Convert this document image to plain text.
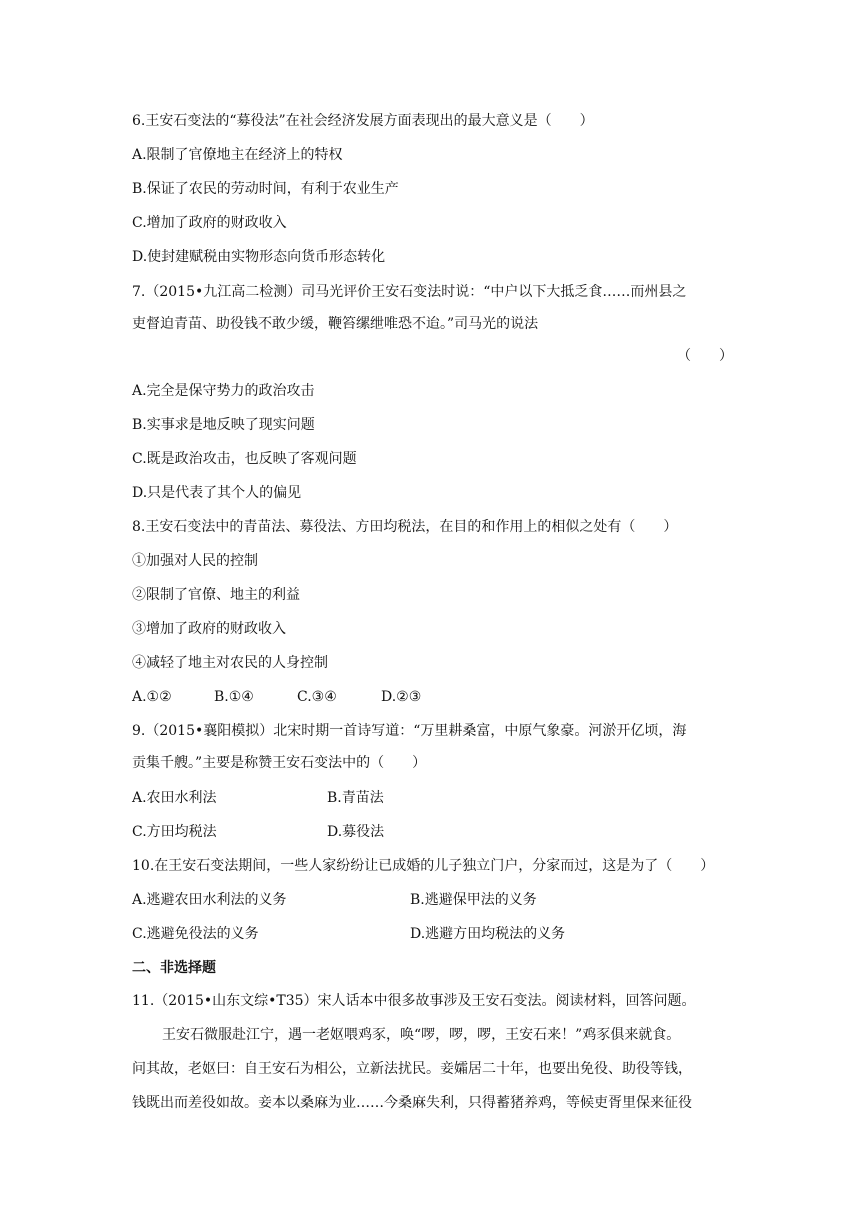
6.王安石变法的“募役法”在社会经济发展方面表现出的最大意义是（　　）
A.限制了官僚地主在经济上的特权
B.保证了农民的劳动时间，有利于农业生产
C.增加了政府的财政收入
D.使封建赋税由实物形态向货币形态转化
7.（2015•九江高二检测）司马光评价王安石变法时说：“中户以下大抵乏食……而州县之
吏督迫青苗、助役钱不敢少缓，鞭笞缧绁唯恐不迨。”司马光的说法
（　　）
A.完全是保守势力的政治攻击
B.实事求是地反映了现实问题
C.既是政治攻击，也反映了客观问题
D.只是代表了其个人的偏见
8.王安石变法中的青苗法、募役法、方田均税法，在目的和作用上的相似之处有（　　）
①加强对人民的控制
②限制了官僚、地主的利益
③增加了政府的财政收入
④减轻了地主对农民的人身控制
A.①②	B.①④	C.③④	D.②③
9.（2015•襄阳模拟）北宋时期一首诗写道：“万里耕桑富，中原气象豪。河淤开亿顷，海
贡集千艘。”主要是称赞王安石变法中的（　　）
A.农田水利法	B.青苗法
C.方田均税法	D.募役法
10.在王安石变法期间，一些人家纷纷让已成婚的儿子独立门户，分家而过，这是为了（　　）
A.逃避农田水利法的义务	B.逃避保甲法的义务
C.逃避免役法的义务	D.逃避方田均税法的义务
二、非选择题
11.（2015•山东文综•T35）宋人话本中很多故事涉及王安石变法。阅读材料，回答问题。
王安石微服赴江宁，遇一老妪喂鸡豕，唤“啰，啰，啰，王安石来！”鸡豕俱来就食。
问其故，老妪曰：自王安石为相公，立新法扰民。妾孀居二十年，也要出免役、助役等钱，
钱既出而差役如故。妾本以桑麻为业……今桑麻失利，只得蓄猪养鸡，等候吏胥里保来征役
